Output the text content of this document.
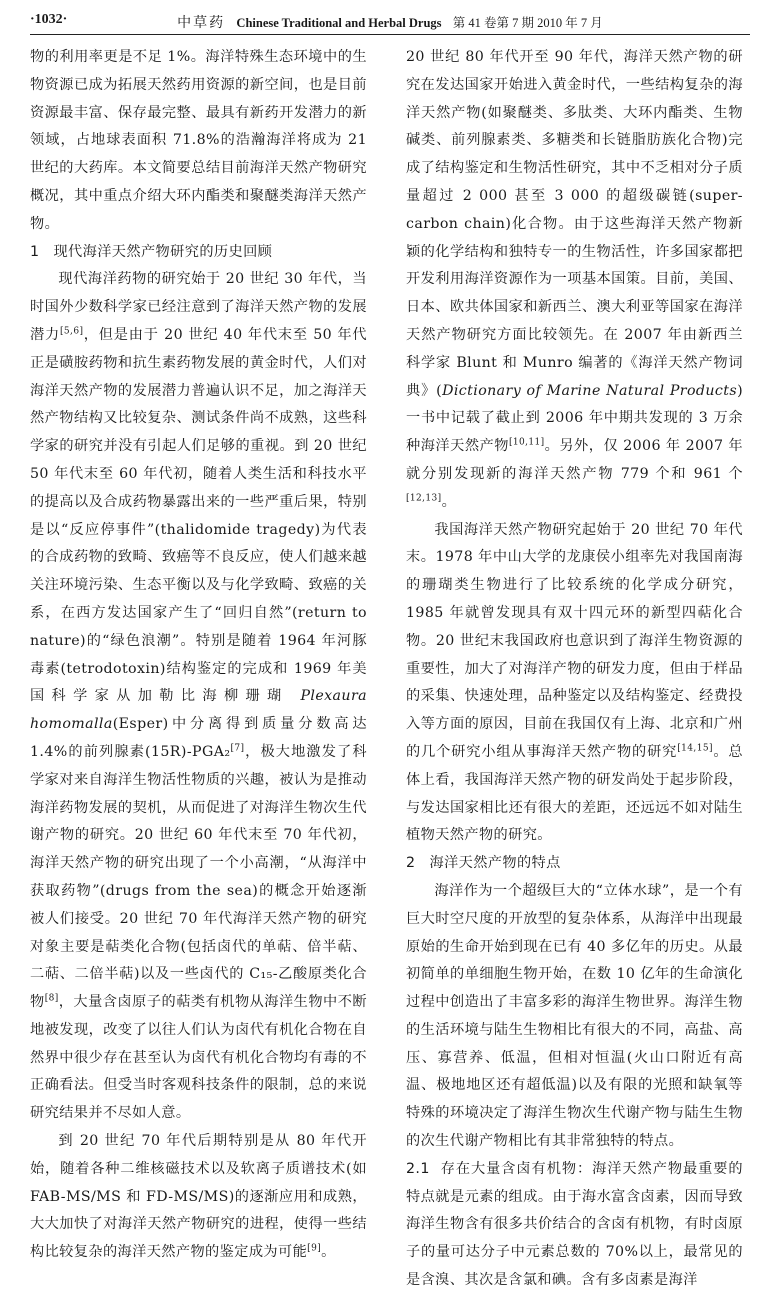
·1032·	中草药 Chinese Traditional and Herbal Drugs 第 41 卷第 7 期 2010 年 7 月

物的利用率更是不足 1%。海洋特殊生态环境中的生物资源已成为拓展天然药用资源的新空间，也是目前资源最丰富、保存最完整、最具有新药开发潜力的新领域，占地球表面积 71.8%的浩瀚海洋将成为 21 世纪的大药库。本文简要总结目前海洋天然产物研究概况，其中重点介绍大环内酯类和聚醚类海洋天然产物。

1 现代海洋天然产物研究的历史回顾

现代海洋药物的研究始于 20 世纪 30 年代，当时国外少数科学家已经注意到了海洋天然产物的发展潜力[5,6]，但是由于 20 世纪 40 年代末至 50 年代正是磺胺药物和抗生素药物发展的黄金时代，人们对海洋天然产物的发展潜力普遍认识不足，加之海洋天然产物结构又比较复杂、测试条件尚不成熟，这些科学家的研究并没有引起人们足够的重视。到 20 世纪 50 年代末至 60 年代初，随着人类生活和科技水平的提高以及合成药物暴露出来的一些严重后果，特别是以“反应停事件”(thalidomide tragedy)为代表的合成药物的致畸、致癌等不良反应，使人们越来越关注环境污染、生态平衡以及与化学致畸、致癌的关系，在西方发达国家产生了“回归自然”(return to nature)的“绿色浪潮”。特别是随着 1964 年河豚毒素(tetrodotoxin)结构鉴定的完成和 1969 年美国科学家从加勒比海柳珊瑚 Plexaura homomalla(Esper)中分离得到质量分数高达 1.4%的前列腺素(15R)-PGA₂[7]，极大地激发了科学家对来自海洋生物活性物质的兴趣，被认为是推动海洋药物发展的契机，从而促进了对海洋生物次生代谢产物的研究。20 世纪 60 年代末至 70 年代初，海洋天然产物的研究出现了一个小高潮，“从海洋中获取药物”(drugs from the sea)的概念开始逐渐被人们接受。20 世纪 70 年代海洋天然产物的研究对象主要是萜类化合物(包括卤代的单萜、倍半萜、二萜、二倍半萜)以及一些卤代的 C₁₅-乙酸原类化合物[8]，大量含卤原子的萜类有机物从海洋生物中不断地被发现，改变了以往人们认为卤代有机化合物在自然界中很少存在甚至认为卤代有机化合物均有毒的不正确看法。但受当时客观科技条件的限制，总的来说研究结果并不尽如人意。

到 20 世纪 70 年代后期特别是从 80 年代开始，随着各种二维核磁技术以及软离子质谱技术(如 FAB-MS/MS 和 FD-MS/MS)的逐渐应用和成熟，大大加快了对海洋天然产物研究的进程，使得一些结构比较复杂的海洋天然产物的鉴定成为可能[9]。

20 世纪 80 年代开至 90 年代，海洋天然产物的研究在发达国家开始进入黄金时代，一些结构复杂的海洋天然产物(如聚醚类、多肽类、大环内酯类、生物碱类、前列腺素类、多糖类和长链脂肪族化合物)完成了结构鉴定和生物活性研究，其中不乏相对分子质量超过 2 000 甚至 3 000 的超级碳链(super-carbon chain)化合物。由于这些海洋天然产物新颖的化学结构和独特专一的生物活性，许多国家都把开发利用海洋资源作为一项基本国策。目前，美国、日本、欧共体国家和新西兰、澳大利亚等国家在海洋天然产物研究方面比较领先。在 2007 年由新西兰科学家 Blunt 和 Munro 编著的《海洋天然产物词典》(Dictionary of Marine Natural Products)一书中记载了截止到 2006 年中期共发现的 3 万余种海洋天然产物[10,11]。另外，仅 2006 年 2007 年就分别发现新的海洋天然产物 779 个和 961 个[12,13]。

我国海洋天然产物研究起始于 20 世纪 70 年代末。1978 年中山大学的龙康侯小组率先对我国南海的珊瑚类生物进行了比较系统的化学成分研究，1985 年就曾发现具有双十四元环的新型四萜化合物。20 世纪末我国政府也意识到了海洋生物资源的重要性，加大了对海洋产物的研发力度，但由于样品的采集、快速处理，品种鉴定以及结构鉴定、经费投入等方面的原因，目前在我国仅有上海、北京和广州的几个研究小组从事海洋天然产物的研究[14,15]。总体上看，我国海洋天然产物的研发尚处于起步阶段，与发达国家相比还有很大的差距，还远远不如对陆生植物天然产物的研究。

2 海洋天然产物的特点

海洋作为一个超级巨大的“立体水球”，是一个有巨大时空尺度的开放型的复杂体系，从海洋中出现最原始的生命开始到现在已有 40 多亿年的历史。从最初简单的单细胞生物开始，在数 10 亿年的生命演化过程中创造出了丰富多彩的海洋生物世界。海洋生物的生活环境与陆生生物相比有很大的不同，高盐、高压、寡营养、低温，但相对恒温(火山口附近有高温、极地地区还有超低温)以及有限的光照和缺氧等特殊的环境决定了海洋生物次生代谢产物与陆生生物的次生代谢产物相比有其非常独特的特点。

2.1 存在大量含卤有机物：海洋天然产物最重要的特点就是元素的组成。由于海水富含卤素，因而导致海洋生物含有很多共价结合的含卤有机物，有时卤原子的量可达分子中元素总数的 70%以上，最常见的是含溴、其次是含氯和碘。含有多卤素是海洋
